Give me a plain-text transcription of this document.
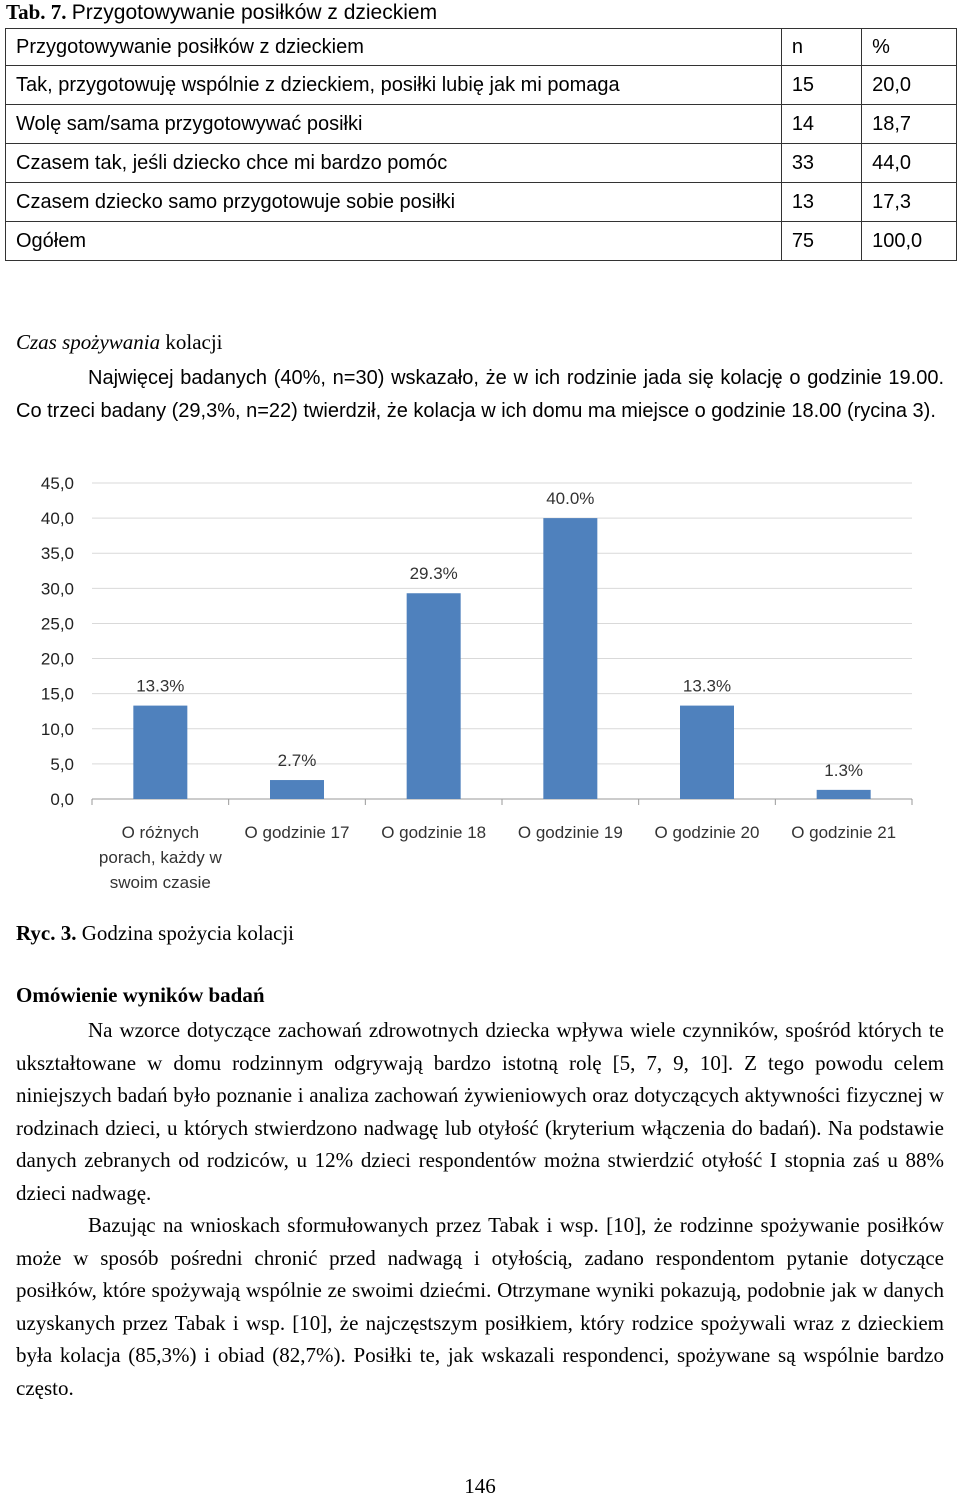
Tab. 7. Przygotowywanie posiłków z dzieckiem
Przygotowywanie posiłków z dzieckiem	n	%
Tak, przygotowuję wspólnie z dzieckiem, posiłki lubię jak mi pomaga	15	20,0
Wolę sam/sama przygotowywać posiłki	14	18,7
Czasem tak, jeśli dziecko chce mi bardzo pomóc	33	44,0
Czasem dziecko samo przygotowuje sobie posiłki	13	17,3
Ogółem	75	100,0
Czas spożywania kolacji
Najwięcej badanych (40%, n=30) wskazało, że w ich rodzinie jada się kolację o godzinie 19.00. Co trzeci badany (29,3%, n=22) twierdził, że kolacja w ich domu ma miejsce o godzinie 18.00 (rycina 3).
0,0
5,0
10,0
15,0
20,0
25,0
30,0
35,0
40,0
45,0
13.3%
2.7%
29.3%
40.0%
13.3%
1.3%
O różnych
porach, każdy w
swoim czasie
O godzinie 17 O godzinie 18 O godzinie 19 O godzinie 20 O godzinie 21
Ryc. 3. Godzina spożycia kolacji
Omówienie wyników badań
Na wzorce dotyczące zachowań zdrowotnych dziecka wpływa wiele czynników, spośród których te ukształtowane w domu rodzinnym odgrywają bardzo istotną rolę [5, 7, 9, 10]. Z tego powodu celem niniejszych badań było poznanie i analiza zachowań żywieniowych oraz dotyczących aktywności fizycznej w rodzinach dzieci, u których stwierdzono nadwagę lub otyłość (kryterium włączenia do badań). Na podstawie danych zebranych od rodziców, u 12% dzieci respondentów można stwierdzić otyłość I stopnia zaś u 88% dzieci nadwagę.
Bazując na wnioskach sformułowanych przez Tabak i wsp. [10], że rodzinne spożywanie posiłków może w sposób pośredni chronić przed nadwagą i otyłością, zadano respondentom pytanie dotyczące posiłków, które spożywają wspólnie ze swoimi dziećmi. Otrzymane wyniki pokazują, podobnie jak w danych uzyskanych przez Tabak i wsp. [10], że najczęstszym posiłkiem, który rodzice spożywali wraz z dzieckiem była kolacja (85,3%) i obiad (82,7%). Posiłki te, jak wskazali respondenci, spożywane są wspólnie bardzo często.
146
